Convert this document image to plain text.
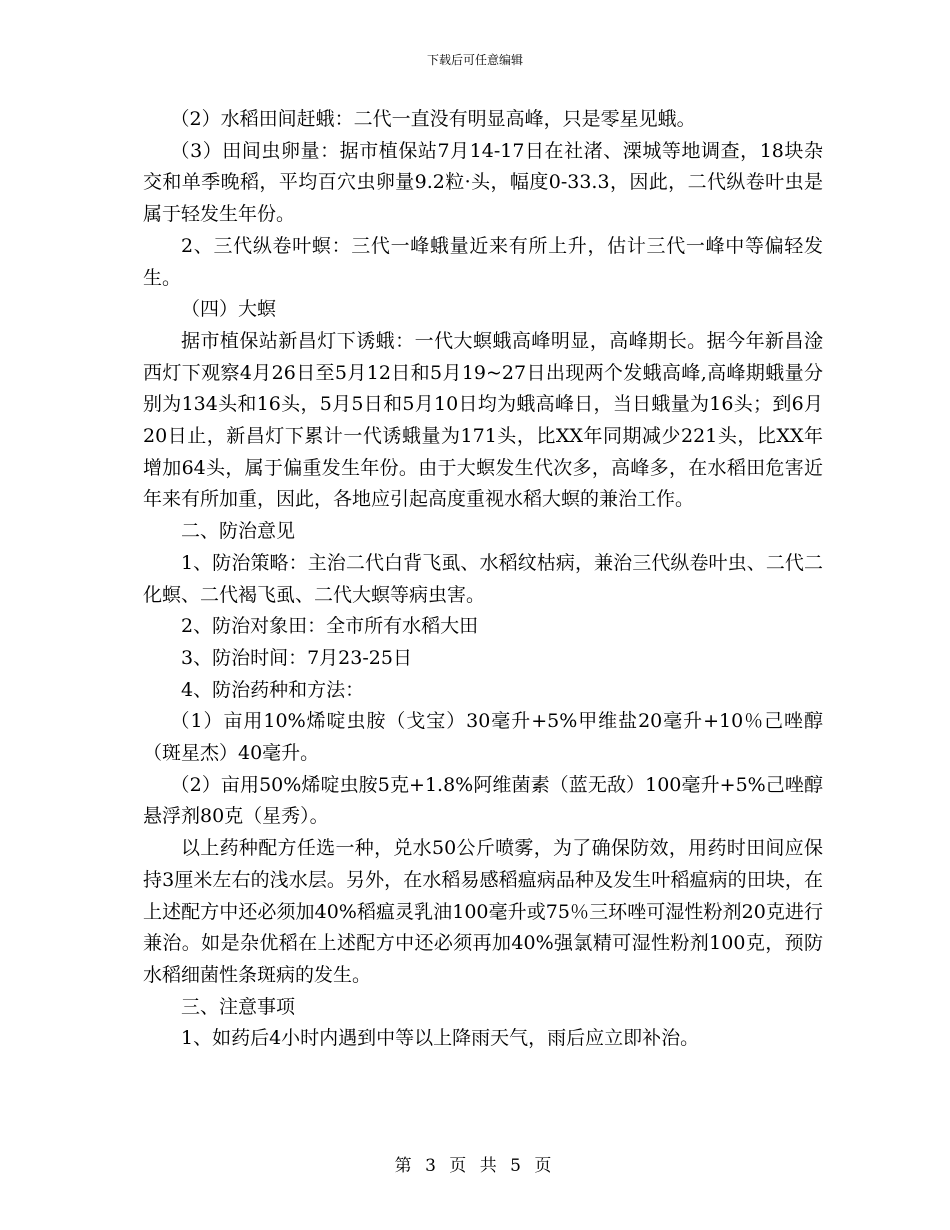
下载后可任意编辑

（2）水稻田间赶蛾：二代一直没有明显高峰，只是零星见蛾。

（3）田间虫卵量：据市植保站7月14-17日在社渚、溧城等地调查，18块杂交和单季晚稻，平均百穴虫卵量9.2粒·头，幅度0-33.3，因此，二代纵卷叶虫是属于轻发生年份。

2、三代纵卷叶螟：三代一峰蛾量近来有所上升，估计三代一峰中等偏轻发生。

（四）大螟

据市植保站新昌灯下诱蛾：一代大螟蛾高峰明显，高峰期长。据今年新昌淦西灯下观察4月26日至5月12日和5月19~27日出现两个发蛾高峰,高峰期蛾量分别为134头和16头，5月5日和5月10日均为蛾高峰日，当日蛾量为16头；到6月20日止，新昌灯下累计一代诱蛾量为171头，比XX年同期减少221头，比XX年增加64头，属于偏重发生年份。由于大螟发生代次多，高峰多，在水稻田危害近年来有所加重，因此，各地应引起高度重视水稻大螟的兼治工作。

二、防治意见

1、防治策略：主治二代白背飞虱、水稻纹枯病，兼治三代纵卷叶虫、二代二化螟、二代褐飞虱、二代大螟等病虫害。

2、防治对象田：全市所有水稻大田

3、防治时间：7月23-25日

4、防治药种和方法：

（1）亩用10%烯啶虫胺（戈宝）30毫升+5%甲维盐20毫升+10％己唑醇（斑星杰）40毫升。

（2）亩用50%烯啶虫胺5克+1.8%阿维菌素（蓝无敌）100毫升+5%己唑醇悬浮剂80克（星秀）。

以上药种配方任选一种，兑水50公斤喷雾，为了确保防效，用药时田间应保持3厘米左右的浅水层。另外，在水稻易感稻瘟病品种及发生叶稻瘟病的田块，在上述配方中还必须加40%稻瘟灵乳油100毫升或75％三环唑可湿性粉剂20克进行兼治。如是杂优稻在上述配方中还必须再加40%强氯精可湿性粉剂100克，预防水稻细菌性条斑病的发生。

三、注意事项

1、如药后4小时内遇到中等以上降雨天气，雨后应立即补治。

第 3 页 共 5 页
